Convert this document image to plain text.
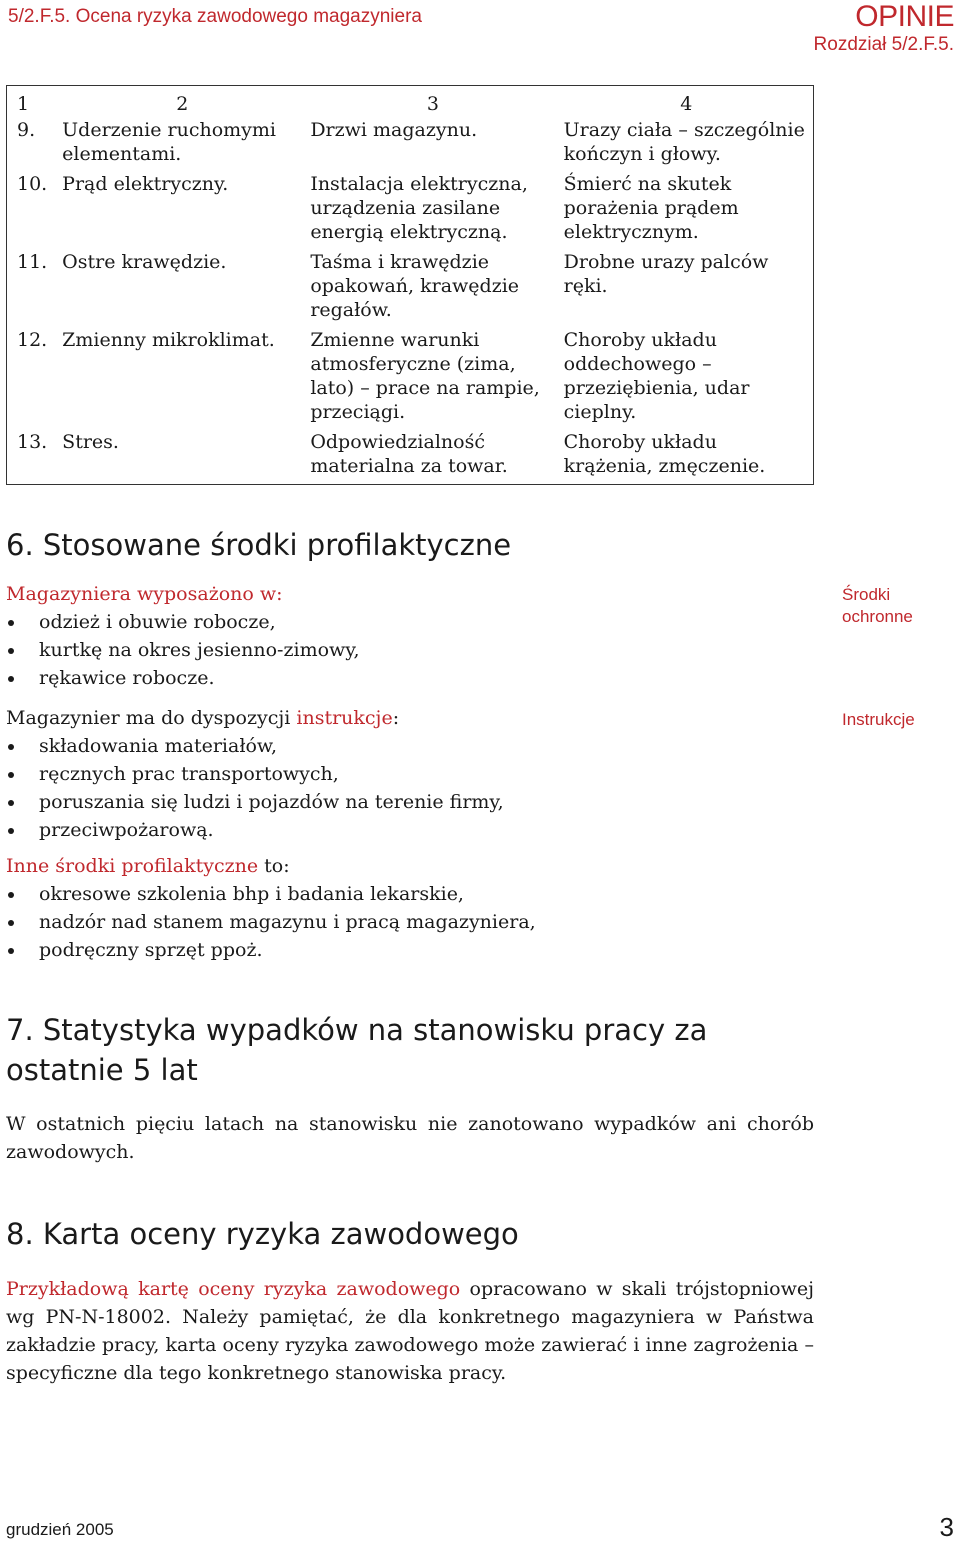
5/2.F.5. Ocena ryzyka zawodowego magazyniera	OPINIE
Rozdział 5/2.F.5.
1	2	3	4
9.	Uderzenie ruchomymi elementami.	Drzwi magazynu.	Urazy ciała – szczególnie kończyn i głowy.
10.	Prąd elektryczny.	Instalacja elektryczna, urządzenia zasilane energią elektryczną.	Śmierć na skutek porażenia prądem elektrycznym.
11.	Ostre krawędzie.	Taśma i krawędzie opakowań, krawędzie regałów.	Drobne urazy palców ręki.
12.	Zmienny mikroklimat.	Zmienne warunki atmosferyczne (zima, lato) – prace na rampie, przeciągi.	Choroby układu oddechowego – przeziębienia, udar cieplny.
13.	Stres.	Odpowiedzialność materialna za towar.	Choroby układu krążenia, zmęczenie.
6. Stosowane środki profilaktyczne
Magazyniera wyposażono w:
odzież i obuwie robocze,
kurtkę na okres jesienno-zimowy,
rękawice robocze.
Magazynier ma do dyspozycji instrukcje:
składowania materiałów,
ręcznych prac transportowych,
poruszania się ludzi i pojazdów na terenie firmy,
przeciwpożarową.
Inne środki profilaktyczne to:
okresowe szkolenia bhp i badania lekarskie,
nadzór nad stanem magazynu i pracą magazyniera,
podręczny sprzęt ppoż.
Środki
ochronne
Instrukcje
7. Statystyka wypadków na stanowisku pracy za
ostatnie 5 lat
W ostatnich pięciu latach na stanowisku nie zanotowano wypadków ani chorób zawodowych.
8. Karta oceny ryzyka zawodowego
Przykładową kartę oceny ryzyka zawodowego opracowano w skali trójstopniowej wg PN-N-18002. Należy pamiętać, że dla konkretnego magazyniera w Państwa zakładzie pracy, karta oceny ryzyka zawodowego może zawierać i inne zagrożenia – specyficzne dla tego konkretnego stanowiska pracy.
grudzień 2005	3
